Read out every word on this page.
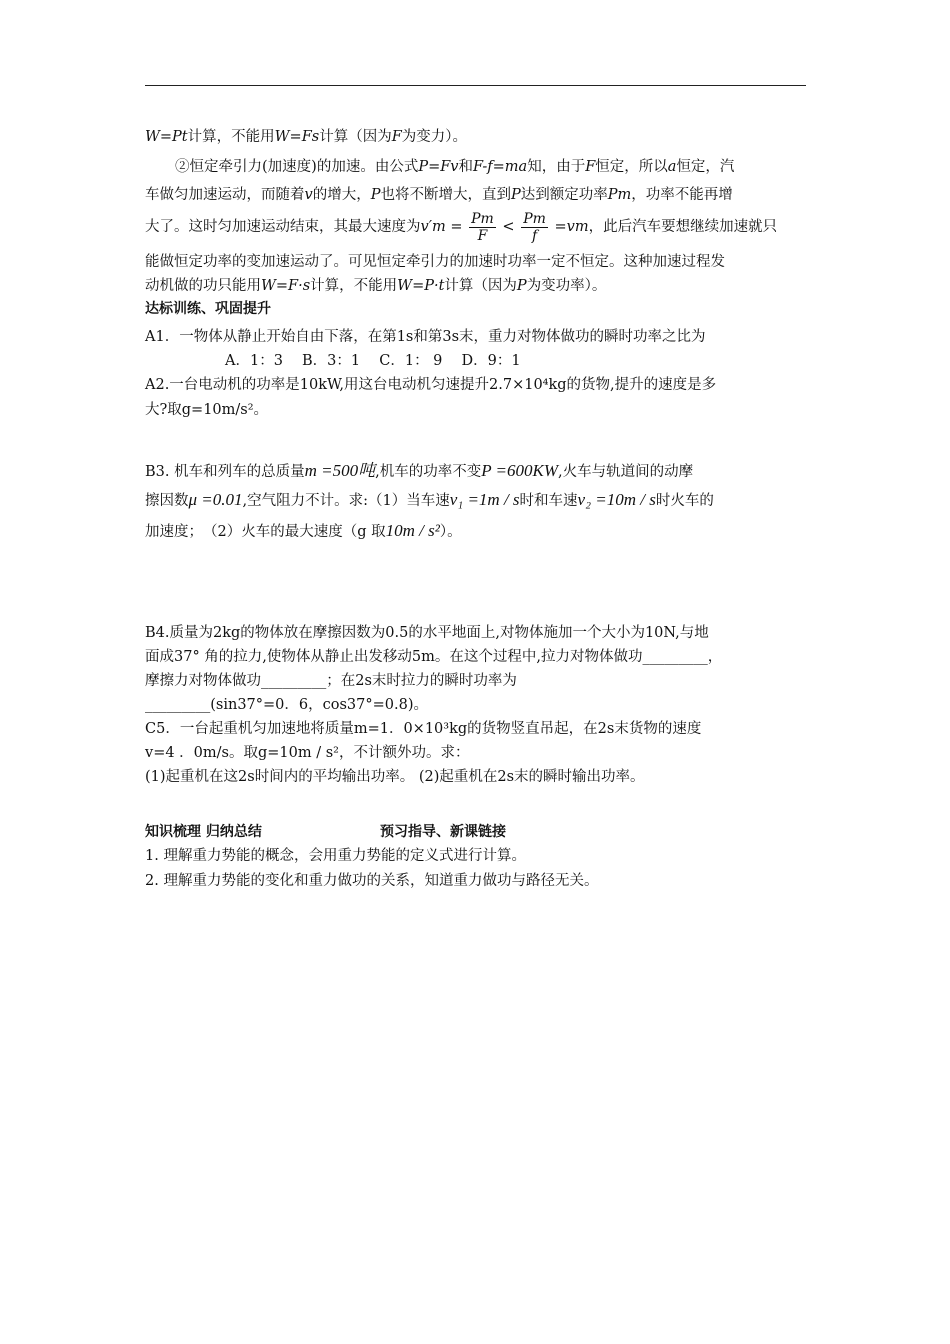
W=Pt计算，不能用W=Fs计算（因为F为变力）。
②恒定牵引力(加速度)的加速。由公式P=Fv和F-f=ma知，由于F恒定，所以a恒定，汽
车做匀加速运动，而随着v的增大，P也将不断增大，直到P达到额定功率Pm，功率不能再增
大了。这时匀加速运动结束，其最大速度为$v'm = \frac{Pm}{F} < \frac{Pm}{f} =vm$，此后汽车要想继续加速就只
能做恒定功率的变加速运动了。可见恒定牵引力的加速时功率一定不恒定。这种加速过程发
动机做的功只能用W=F·s计算，不能用W=P·t计算（因为P为变功率）。
达标训练、巩固提升
A1．一物体从静止开始自由下落，在第1s和第3s末，重力对物体做功的瞬时功率之比为
A．1：3　 B．3：1　 C．1： 9　 D．9：1
A2.一台电动机的功率是10kW,用这台电动机匀速提升2.7×10⁴kg的货物,提升的速度是多
大?取g=10m/s²。
B3. 机车和列车的总质量m =500吨,机车的功率不变P =600KW,火车与轨道间的动摩
擦因数μ =0.01,空气阻力不计。求:（1）当车速v₁ =1m / s时和车速v₂ =10m / s时火车的
加速度；　（2）火车的最大速度（g 取10m / s²）。
B4.质量为2kg的物体放在摩擦因数为0.5的水平地面上,对物体施加一个大小为10N,与地
面成37° 角的拉力,使物体从静止出发移动5m。在这个过程中,拉力对物体做功_________，
摩擦力对物体做功_________；在2s末时拉力的瞬时功率为
_________(sin37°=0．6，cos37°=0.8)。
C5．一台起重机匀加速地将质量m=1．0×10³kg的货物竖直吊起，在2s末货物的速度
v=4 ．0m/s。取g=10m / s²，不计额外功。求：
(1)起重机在这2s时间内的平均输出功率。 (2)起重机在2s末的瞬时输出功率。
知识梳理 归纳总结	预习指导、新课链接
1. 理解重力势能的概念，会用重力势能的定义式进行计算。
2. 理解重力势能的变化和重力做功的关系，知道重力做功与路径无关。
